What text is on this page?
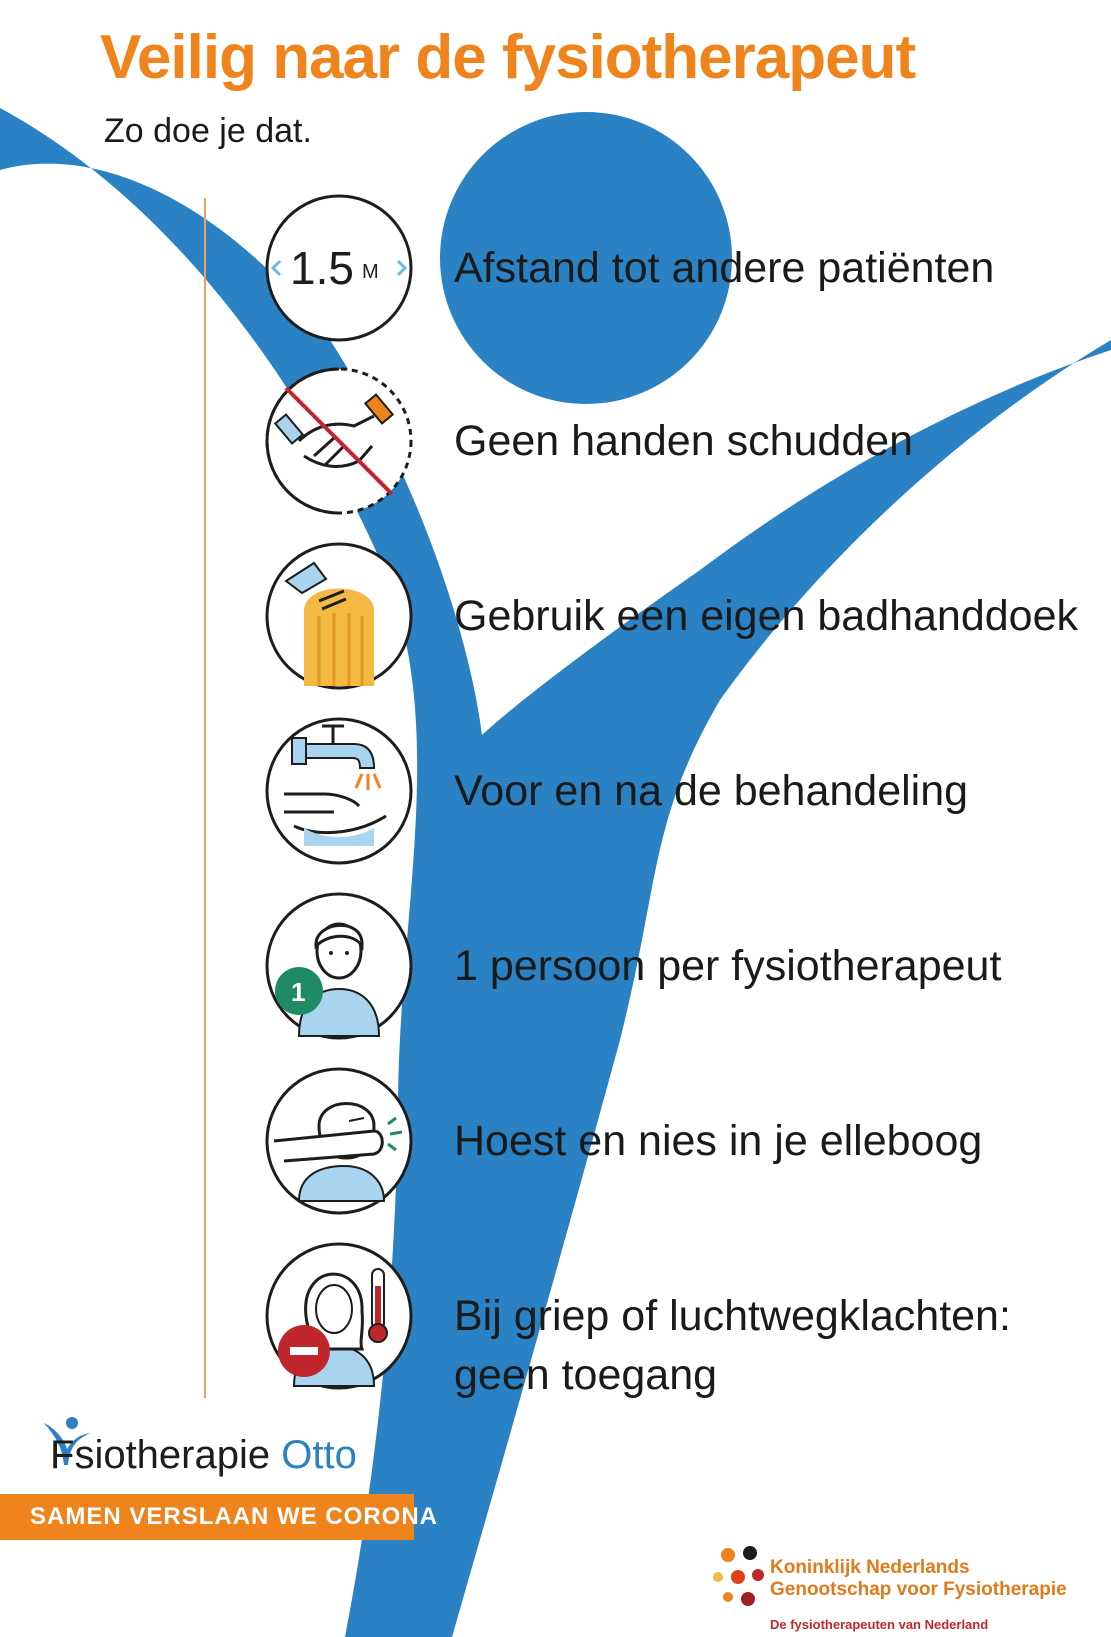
Veilig naar de fysiotherapeut
Zo doe je dat.
1.5 M Afstand tot andere patiënten
Geen handen schudden
Gebruik een eigen badhanddoek
Voor en na de behandeling
1
1 persoon per fysiotherapeut
Hoest en nies in je elleboog
Bij griep of luchtwegklachten:
geen toegang
Fsiotherapie Otto
SAMEN VERSLAAN WE CORONA
Koninklijk Nederlands
Genootschap voor Fysiotherapie
De fysiotherapeuten van Nederland
